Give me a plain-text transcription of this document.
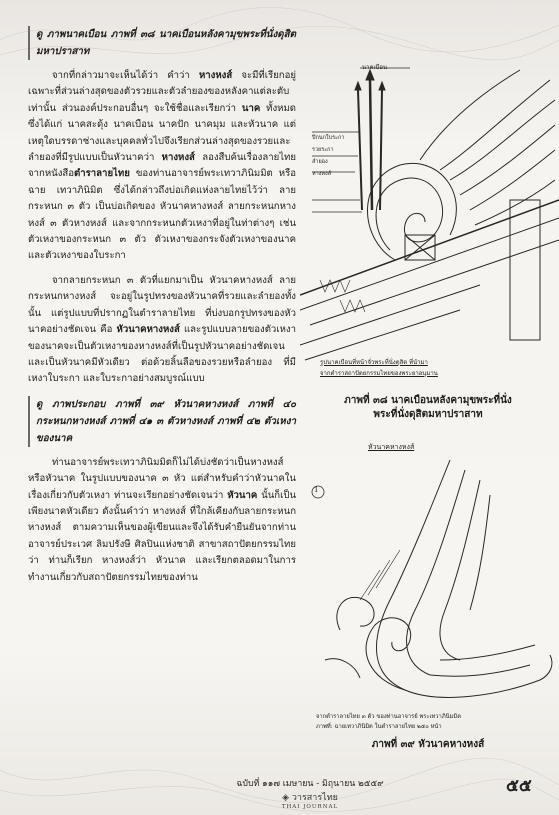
ดู ภาพนาคเบือน ภาพที่ ๓๘ นาคเบือนหลังคามุขพระที่นั่งดุสิตมหาปราสาท

จากที่กล่าวมาจะเห็นได้ว่า คำว่า หางหงส์ จะมีที่เรียกอยู่เฉพาะที่ส่วนล่างสุดของตัวรวยและตัวลำยองของหลังคาแต่ละตับเท่านั้น ส่วนองค์ประกอบอื่นๆ จะใช้ชื่อและเรียกว่า นาค ทั้งหมด ซึ่งได้แก่ นาคสะดุ้ง นาคเบือน นาคปัก นาคมุม และหัวนาค แต่เหตุใดบรรดาช่างและบุคคลทั่วไปจึงเรียกส่วนล่างสุดของรวยและลำยองที่มีรูปแบบเป็นหัวนาคว่า หางหงส์ ลองสืบค้นเรื่องลายไทยจากหนังสือตำราลายไทย ของท่านอาจารย์พระเทวาภินิมมิต หรือ ฉาย เทวาภินิมิต ซึ่งได้กล่าวถึงบ่อเกิดแห่งลายไทยไว้ว่า ลายกระหนก ๓ ตัว เป็นบ่อเกิดของ หัวนาคหางหงส์ ลายกระหนกหางหงส์ ๓ ตัวหางหงส์ และจากกระหนกตัวเหงาที่อยู่ในท่าต่างๆ เช่น ตัวเหงาของกระหนก ๓ ตัว ตัวเหงาของกระจังตัวเหงาของนาค และตัวเหงาของใบระกา

จากลายกระหนก ๓ ตัวที่แยกมาเป็น หัวนาคหางหงส์ ลายกระหนกหางหงส์ จะอยู่ในรูปทรงของหัวนาคที่รวยและลำยองทั้งนั้น แต่รูปแบบที่ปรากฏในตำราลายไทย ที่บ่งบอกรูปทรงของหัวนาคอย่างชัดเจน คือ หัวนาคหางหงส์ และรูปแบบลายของตัวเหงาของนาคจะเป็นตัวเหงาของหางหงส์ที่เป็นรูปหัวนาคอย่างชัดเจน และเป็นหัวนาคมีหัวเดียว ต่อด้วยลิ้นลือของรวยหรือลำยอง ที่มีเหงาใบระกา และใบระกาอย่างสมบูรณ์แบบ

ดู ภาพประกอบ ภาพที่ ๓๙ หัวนาคหางหงส์ ภาพที่ ๔๐ กระหนกหางหงส์ ภาพที่ ๔๑ ๓ ตัวหางหงส์ ภาพที่ ๔๒ ตัวเหงาของนาค

ท่านอาจารย์พระเทวาภินิมมิตก็ไม่ได้บ่งชัดว่าเป็นหางหงส์หรือหัวนาค ในรูปแบบของนาค ๓ หัว แต่สำหรับคำว่าหัวนาคในเรื่องเกี่ยวกับตัวเหงา ท่านจะเรียกอย่างชัดเจนว่า หัวนาค นั้นก็เป็นเพียงนาคหัวเดียว ดังนั้นคำว่า หางหงส์ ที่ใกล้เคียงกับลายกระหนกหางหงส์ ตามความเห็นของผู้เขียนและจึงได้รับคำยืนยันจากท่านอาจารย์ประเวศ ลิมปรังษี ศิลปินแห่งชาติ สาขาสถาปัตยกรรมไทยว่า ท่านก็เรียก หางหงส์ว่า หัวนาค และเรียกตลอดมาในการทำงานเกี่ยวกับสถาปัตยกรรมไทยของท่าน

นาคเบือน
ปีกนกใบระกา
รวยระกา
ลำยอง
หางหงส์
รูปนาคเบือนที่หน้าจั่วพระที่นั่งดุสิต ที่นำมา
จากตำราสถาปัตยกรรมไทยของพระยาอนุมาน
ภาพที่ ๓๘ นาคเบือนหลังคามุขพระที่นั่ง
พระที่นั่งดุสิตมหาปราสาท
หัวนาคหางหงส์
1
จากตำราลายไทย ๓ ตัว ของท่านอาจารย์ พระเทวาภินิมมิต
ภาพที่: ฉายเทวาภินิมิต ในตำราลายไทย ๒๕๐ หน้า
ภาพที่ ๓๙ หัวนาคหางหงส์
ฉบับที่ ๑๑๗ เมษายน - มิถุนายน ๒๕๕๙
◈ วารสารไทย
THAI JOURNAL
๕๕
